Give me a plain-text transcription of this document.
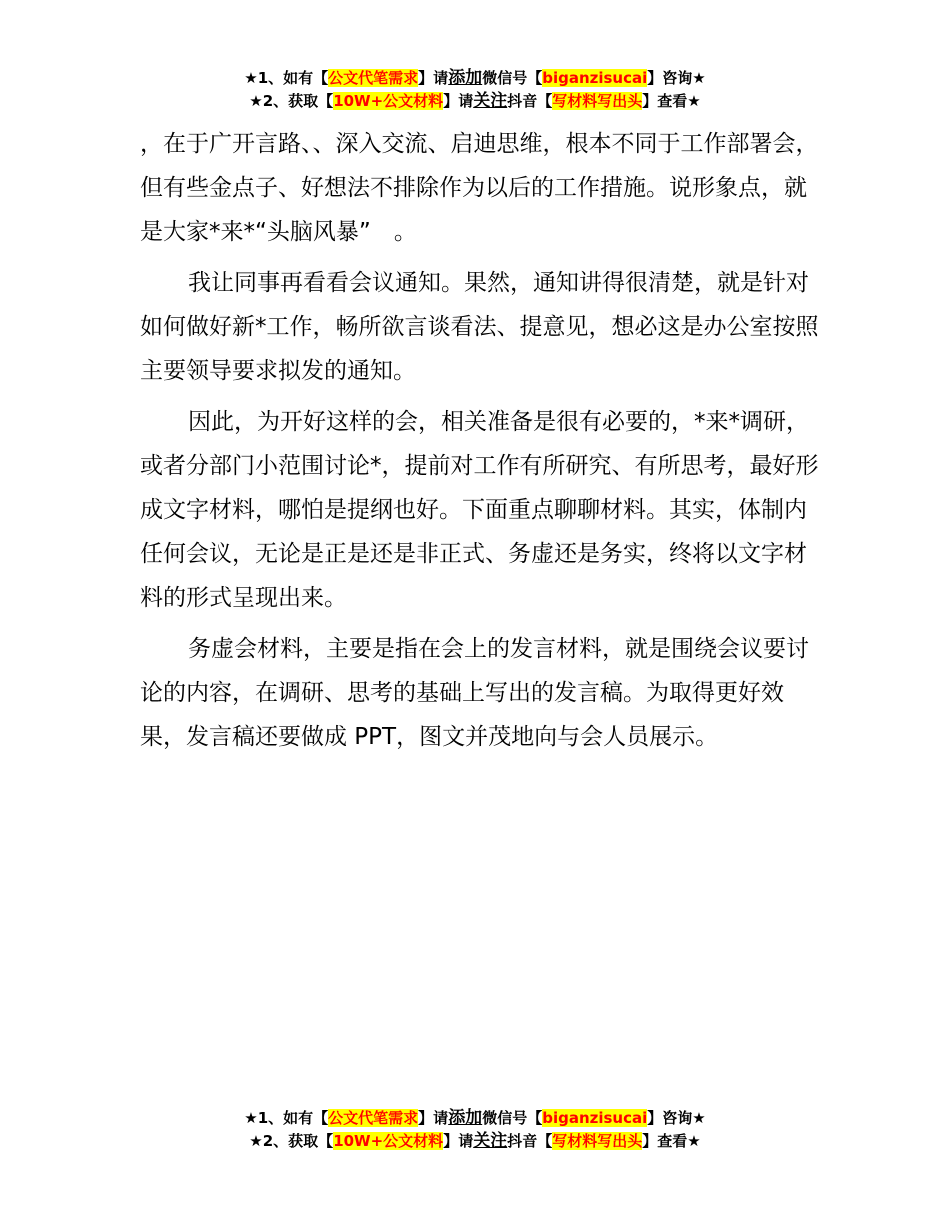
★1、如有【公文代笔需求】请添加微信号【biganzisucai】咨询★
★2、获取【10W+公文材料】请关注抖音【写材料写出头】查看★

，在于广开言路、、深入交流、启迪思维，根本不同于工作部署会，但有些金点子、好想法不排除作为以后的工作措施。说形象点，就是大家*来*“头脑风暴”　。

我让同事再看看会议通知。果然，通知讲得很清楚，就是针对如何做好新*工作，畅所欲言谈看法、提意见，想必这是办公室按照主要领导要求拟发的通知。

因此，为开好这样的会，相关准备是很有必要的，*来*调研，或者分部门小范围讨论*，提前对工作有所研究、有所思考，最好形成文字材料，哪怕是提纲也好。下面重点聊聊材料。其实，体制内任何会议，无论是正是还是非正式、务虚还是务实，终将以文字材料的形式呈现出来。

务虚会材料，主要是指在会上的发言材料，就是围绕会议要讨论的内容，在调研、思考的基础上写出的发言稿。为取得更好效果，发言稿还要做成 PPT，图文并茂地向与会人员展示。

★1、如有【公文代笔需求】请添加微信号【biganzisucai】咨询★
★2、获取【10W+公文材料】请关注抖音【写材料写出头】查看★
